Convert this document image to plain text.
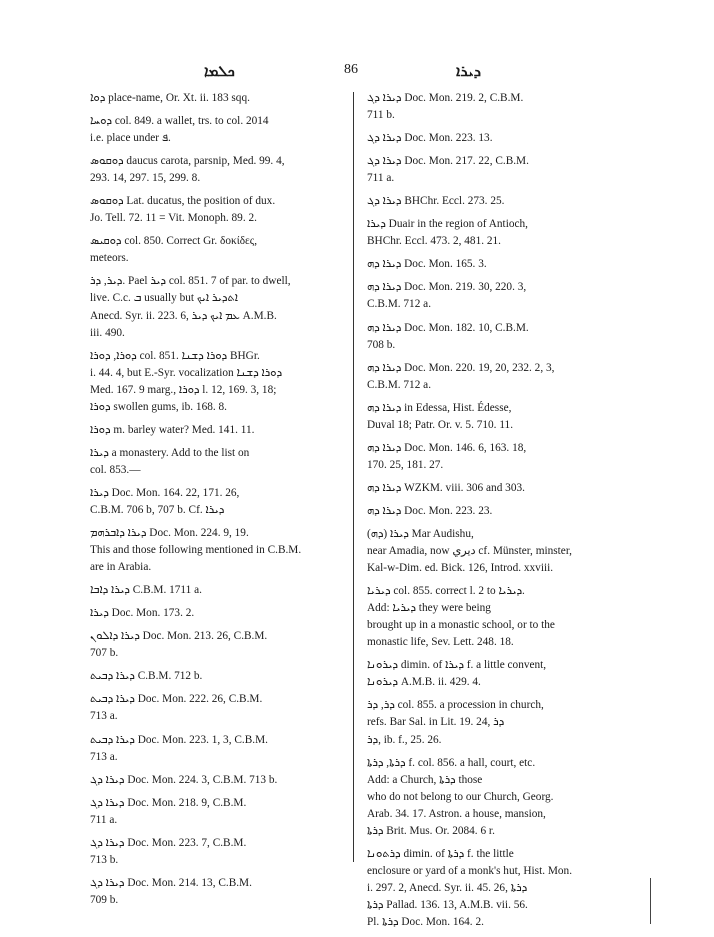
ܟܠܡܐ	86	ܕܝܪܐ
ܕܘܐ place-name, Or. Xt. ii. 183 sqq.
ܕܘܚܐ col. 849. a wallet, trs. to col. 2014
i.e. place under ܦ.
ܕܘܩܘܣ daucus carota, parsnip, Med. 99. 4,
293. 14, 297. 15, 299. 8.
ܕܘܩܘܣ Lat. ducatus, the position of dux.
Jo. Tell. 72. 11 = Vit. Monoph. 89. 2.
ܕܘܩܝܣ col. 850. Correct Gr. δοκίδες,
meteors.
ܕܝܪ, ܕܪ. Pael ܕܝܪ col. 851. 7 of par. to dwell,
live. C.c. ܒ usually but ܐܬܕܝܪ ܐܝܟ
Anecd. Syr. ii. 223. 6, ܥܡ ܐܝܟ ܕܝܪ A.M.B.
iii. 490.
ܕܘܪܐ, ܕܘܪܐ col. 851. ܕܘܪܐ ܕܫܢܐ BHGr.
i. 44. 4, but E.-Syr. vocalization ܕܘܪܐ ܕܫܢܐ
Med. 167. 9 marg., ܕܘܪܐ l. 12, 169. 3, 18;
ܕܘܪܐ swollen gums, ib. 168. 8.
ܕܘܪܐ m. barley water? Med. 141. 11.
ܕܝܪܐ a monastery. Add to the list on
col. 853.—
ܕܝܪܐ Doc. Mon. 164. 22, 171. 26,
C.B.M. 706 b, 707 b. Cf. ܕܝܪܐ
ܕܝܪܐ ܕܐܒܪܗܡ Doc. Mon. 224. 9, 19.
This and those following mentioned in C.B.M.
are in Arabia.
ܕܝܪܐ ܕܐܒܐ C.B.M. 1711 a.
ܕܝܪܐ Doc. Mon. 173. 2.
ܕܝܪܐ ܕܐܠܘܢ Doc. Mon. 213. 26, C.B.M.
707 b.
ܕܝܪܐ ܕܒܝܬ C.B.M. 712 b.
ܕܝܪܐ ܕܒܝܬ Doc. Mon. 222. 26, C.B.M.
713 a.
ܕܝܪܐ ܕܒܝܬ Doc. Mon. 223. 1, 3, C.B.M.
713 a.
ܕܝܪܐ ܕܓ Doc. Mon. 224. 3, C.B.M. 713 b.
ܕܝܪܐ ܕܓ Doc. Mon. 218. 9, C.B.M.
711 a.
ܕܝܪܐ ܕܓ Doc. Mon. 223. 7, C.B.M.
713 b.
ܕܝܪܐ ܕܓ Doc. Mon. 214. 13, C.B.M.
709 b.
ܕܝܪܐ ܕܓ Doc. Mon. 219. 2, C.B.M.
711 b.
ܕܝܪܐ ܕܓ Doc. Mon. 223. 13.
ܕܝܪܐ ܕܓ Doc. Mon. 217. 22, C.B.M.
711 a.
ܕܝܪܐ ܕܓ BHChr. Eccl. 273. 25.
ܕܝܪܐ Duair in the region of Antioch,
BHChr. Eccl. 473. 2, 481. 21.
ܕܝܪܐ ܕܗ Doc. Mon. 165. 3.
ܕܝܪܐ ܕܗ Doc. Mon. 219. 30, 220. 3,
C.B.M. 712 a.
ܕܝܪܐ ܕܗ Doc. Mon. 182. 10, C.B.M.
708 b.
ܕܝܪܐ ܕܗ Doc. Mon. 220. 19, 20, 232. 2, 3,
C.B.M. 712 a.
ܕܝܪܐ ܕܗ in Edessa, Hist. Édesse,
Duval 18; Patr. Or. v. 5. 710. 11.
ܕܝܪܐ ܕܗ Doc. Mon. 146. 6, 163. 18,
170. 25, 181. 27.
ܕܝܪܐ ܕܗ WZKM. viii. 306 and 303.
ܕܝܪܐ ܕܗ Doc. Mon. 223. 23.
ܕܝܪܐ (ܕܗ) Mar Audishu,
near Amadia, now ديري cf. Münster, minster,
Kal-w-Dim. ed. Bick. 126, Introd. xxviii.
ܕܝܪܝܐ col. 855. correct l. 2 to ܕܝܪܝܐ.
Add: ܕܝܪܝܐ they were being
brought up in a monastic school, or to the
monastic life, Sev. Lett. 248. 18.
ܕܝܪܘܢܐ dimin. of ܕܝܪܐ f. a little convent,
ܕܝܪܘܢܐ A.M.B. ii. 429. 4.
ܕܪ, ܕܪ col. 855. a procession in church,
refs. Bar Sal. in Lit. 19. 24, ܕܪ
ܕܪ, ib. f., 25. 26.
ܕܪܬܐ, ܕܪܬܐ f. col. 856. a hall, court, etc.
Add: a Church, ܕܪܬܐ those
who do not belong to our Church, Georg.
Arab. 34. 17. Astron. a house, mansion,
ܕܪܬܐ Brit. Mus. Or. 2084. 6 r.
ܕܪܬܘܢܐ dimin. of ܕܪܬܐ f. the little
enclosure or yard of a monk's hut, Hist. Mon.
i. 297. 2, Anecd. Syr. ii. 45. 26, ܕܪܬܐ
ܕܪܬܐ Pallad. 136. 13, A.M.B. vii. 56.
Pl. ܕܪܬܐ Doc. Mon. 164. 2.
